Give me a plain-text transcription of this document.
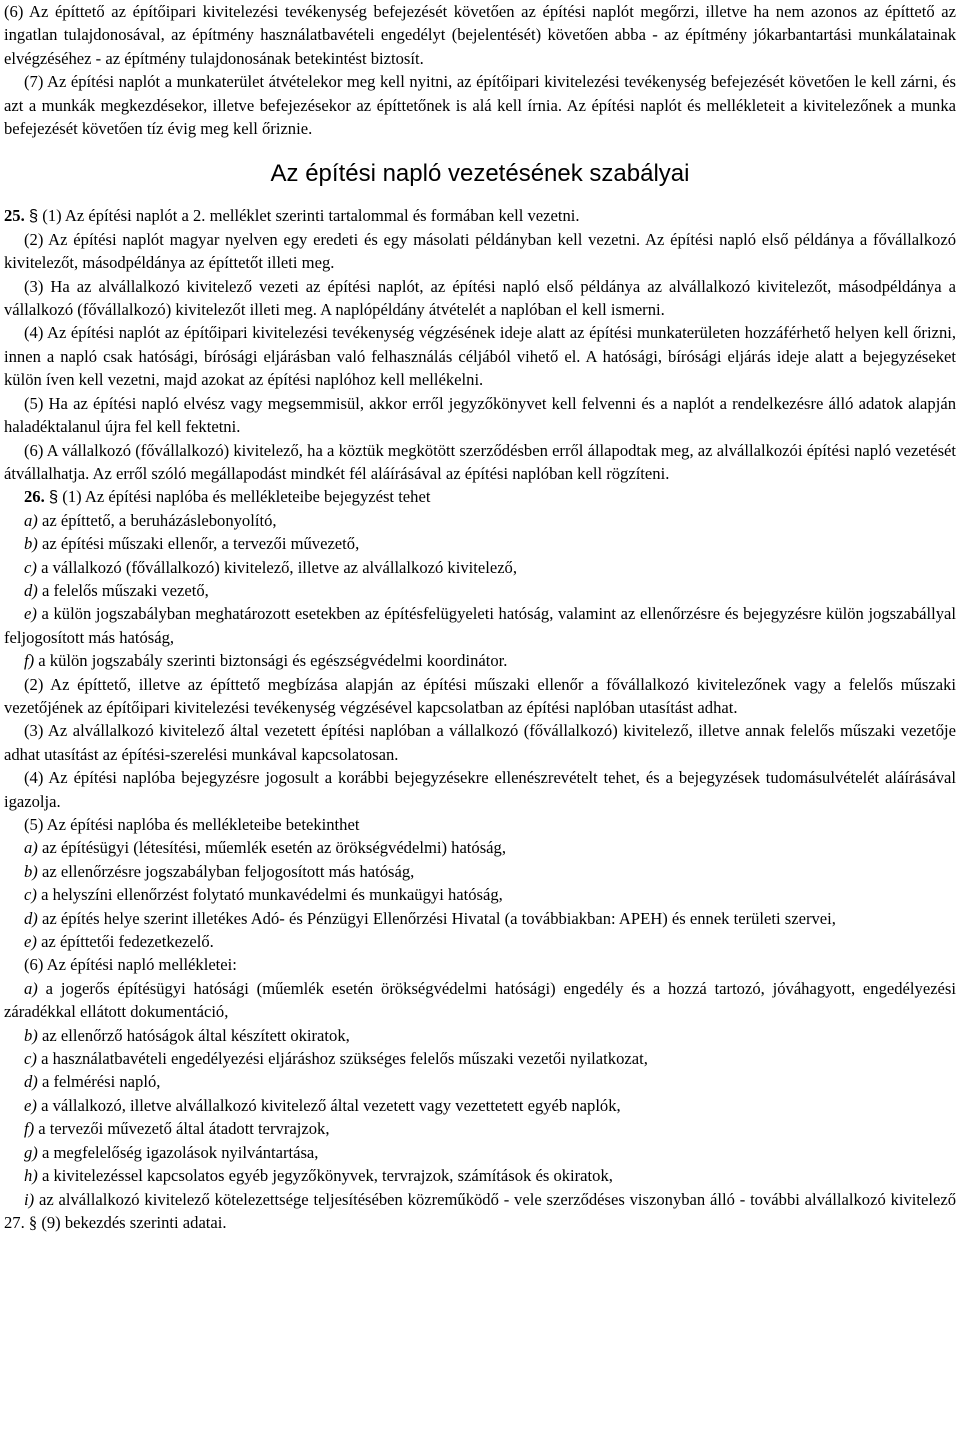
(6) Az építtető az építőipari kivitelezési tevékenység befejezését követően az építési naplót megőrzi, illetve ha nem azonos az építtető az ingatlan tulajdonosával, az építmény használatbavételi engedélyt (bejelentését) követően abba - az építmény jókarbantartási munkálatainak elvégzéséhez - az építmény tulajdonosának betekintést biztosít.

(7) Az építési naplót a munkaterület átvételekor meg kell nyitni, az építőipari kivitelezési tevékenység befejezését követően le kell zárni, és azt a munkák megkezdésekor, illetve befejezésekor az építtetőnek is alá kell írnia. Az építési naplót és mellékleteit a kivitelezőnek a munka befejezését követően tíz évig meg kell őriznie.

Az építési napló vezetésének szabályai

25. § (1) Az építési naplót a 2. melléklet szerinti tartalommal és formában kell vezetni.

(2) Az építési naplót magyar nyelven egy eredeti és egy másolati példányban kell vezetni. Az építési napló első példánya a fővállalkozó kivitelezőt, másodpéldánya az építtetőt illeti meg.

(3) Ha az alvállalkozó kivitelező vezeti az építési naplót, az építési napló első példánya az alvállalkozó kivitelezőt, másodpéldánya a vállalkozó (fővállalkozó) kivitelezőt illeti meg. A naplópéldány átvételét a naplóban el kell ismerni.

(4) Az építési naplót az építőipari kivitelezési tevékenység végzésének ideje alatt az építési munkaterületen hozzáférhető helyen kell őrizni, innen a napló csak hatósági, bírósági eljárásban való felhasználás céljából vihető el. A hatósági, bírósági eljárás ideje alatt a bejegyzéseket külön íven kell vezetni, majd azokat az építési naplóhoz kell mellékelni.

(5) Ha az építési napló elvész vagy megsemmisül, akkor erről jegyzőkönyvet kell felvenni és a naplót a rendelkezésre álló adatok alapján haladéktalanul újra fel kell fektetni.

(6) A vállalkozó (fővállalkozó) kivitelező, ha a köztük megkötött szerződésben erről állapodtak meg, az alvállalkozói építési napló vezetését átvállalhatja. Az erről szóló megállapodást mindkét fél aláírásával az építési naplóban kell rögzíteni.

26. § (1) Az építési naplóba és mellékleteibe bejegyzést tehet

a) az építtető, a beruházáslebonyolító,

b) az építési műszaki ellenőr, a tervezői művezető,

c) a vállalkozó (fővállalkozó) kivitelező, illetve az alvállalkozó kivitelező,

d) a felelős műszaki vezető,

e) a külön jogszabályban meghatározott esetekben az építésfelügyeleti hatóság, valamint az ellenőrzésre és bejegyzésre külön jogszabállyal feljogosított más hatóság,

f) a külön jogszabály szerinti biztonsági és egészségvédelmi koordinátor.

(2) Az építtető, illetve az építtető megbízása alapján az építési műszaki ellenőr a fővállalkozó kivitelezőnek vagy a felelős műszaki vezetőjének az építőipari kivitelezési tevékenység végzésével kapcsolatban az építési naplóban utasítást adhat.

(3) Az alvállalkozó kivitelező által vezetett építési naplóban a vállalkozó (fővállalkozó) kivitelező, illetve annak felelős műszaki vezetője adhat utasítást az építési-szerelési munkával kapcsolatosan.

(4) Az építési naplóba bejegyzésre jogosult a korábbi bejegyzésekre ellenészrevételt tehet, és a bejegyzések tudomásulvételét aláírásával igazolja.

(5) Az építési naplóba és mellékleteibe betekinthet

a) az építésügyi (létesítési, műemlék esetén az örökségvédelmi) hatóság,

b) az ellenőrzésre jogszabályban feljogosított más hatóság,

c) a helyszíni ellenőrzést folytató munkavédelmi és munkaügyi hatóság,

d) az építés helye szerint illetékes Adó- és Pénzügyi Ellenőrzési Hivatal (a továbbiakban: APEH) és ennek területi szervei,

e) az építtetői fedezetkezelő.

(6) Az építési napló mellékletei:

a) a jogerős építésügyi hatósági (műemlék esetén örökségvédelmi hatósági) engedély és a hozzá tartozó, jóváhagyott, engedélyezési záradékkal ellátott dokumentáció,

b) az ellenőrző hatóságok által készített okiratok,

c) a használatbavételi engedélyezési eljáráshoz szükséges felelős műszaki vezetői nyilatkozat,

d) a felmérési napló,

e) a vállalkozó, illetve alvállalkozó kivitelező által vezetett vagy vezettetett egyéb naplók,

f) a tervezői művezető által átadott tervrajzok,

g) a megfelelőség igazolások nyilvántartása,

h) a kivitelezéssel kapcsolatos egyéb jegyzőkönyvek, tervrajzok, számítások és okiratok,

i) az alvállalkozó kivitelező kötelezettsége teljesítésében közreműködő - vele szerződéses viszonyban álló - további alvállalkozó kivitelező 27. § (9) bekezdés szerinti adatai.
